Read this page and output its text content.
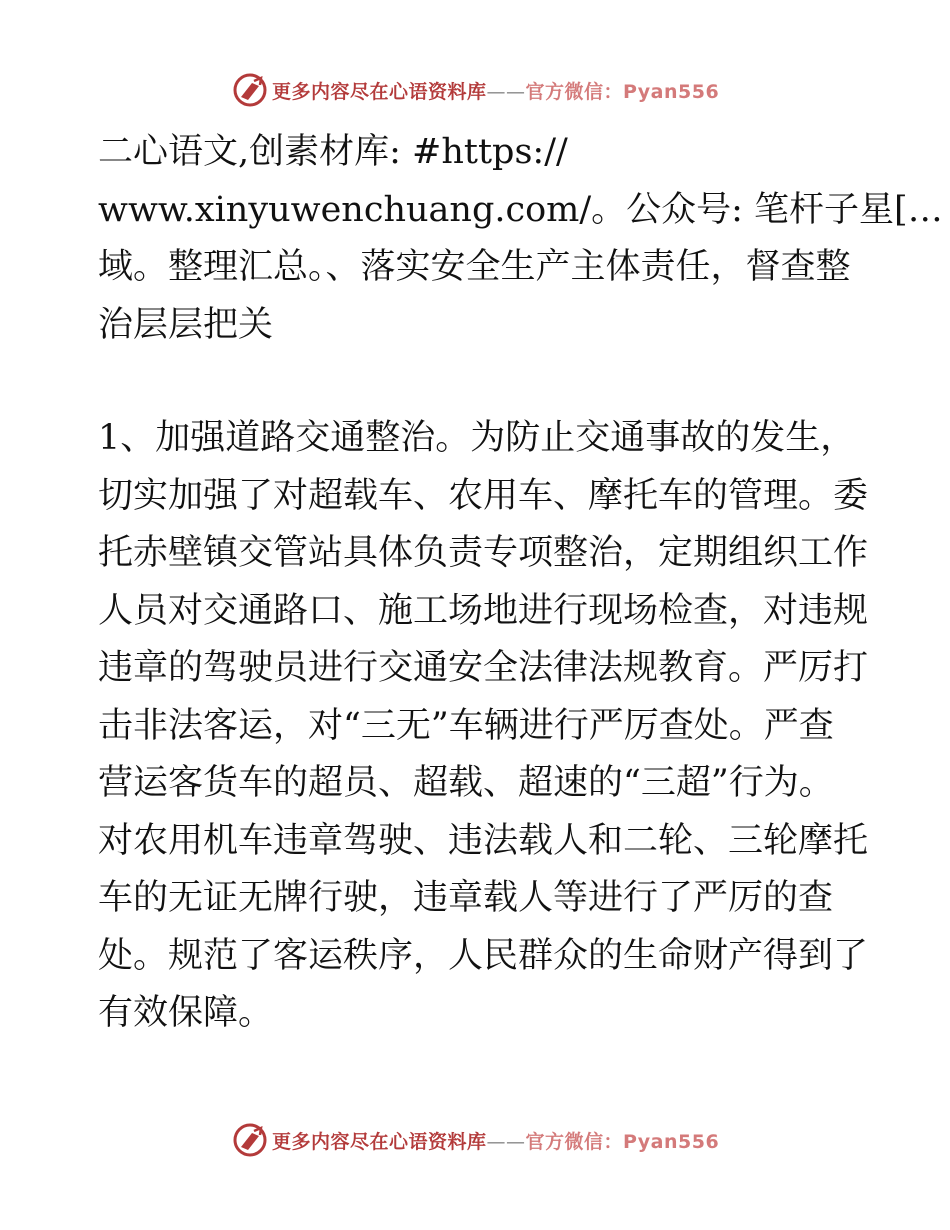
更多内容尽在心语资料库——官方微信：Pyan556
二心语文,创素材库: #https://
www.xinyuwenchuang.com/。公众号: 笔杆子星[…
域。整理汇总。、落实安全生产主体责任，督查整
治层层把关
1、加强道路交通整治。为防止交通事故的发生，
切实加强了对超载车、农用车、摩托车的管理。委
托赤壁镇交管站具体负责专项整治，定期组织工作
人员对交通路口、施工场地进行现场检查，对违规
违章的驾驶员进行交通安全法律法规教育。严厉打
击非法客运，对“三无”车辆进行严厉查处。严查
营运客货车的超员、超载、超速的“三超”行为。
对农用机车违章驾驶、违法载人和二轮、三轮摩托
车的无证无牌行驶，违章载人等进行了严厉的查
处。规范了客运秩序，人民群众的生命财产得到了
有效保障。
更多内容尽在心语资料库——官方微信：Pyan556
